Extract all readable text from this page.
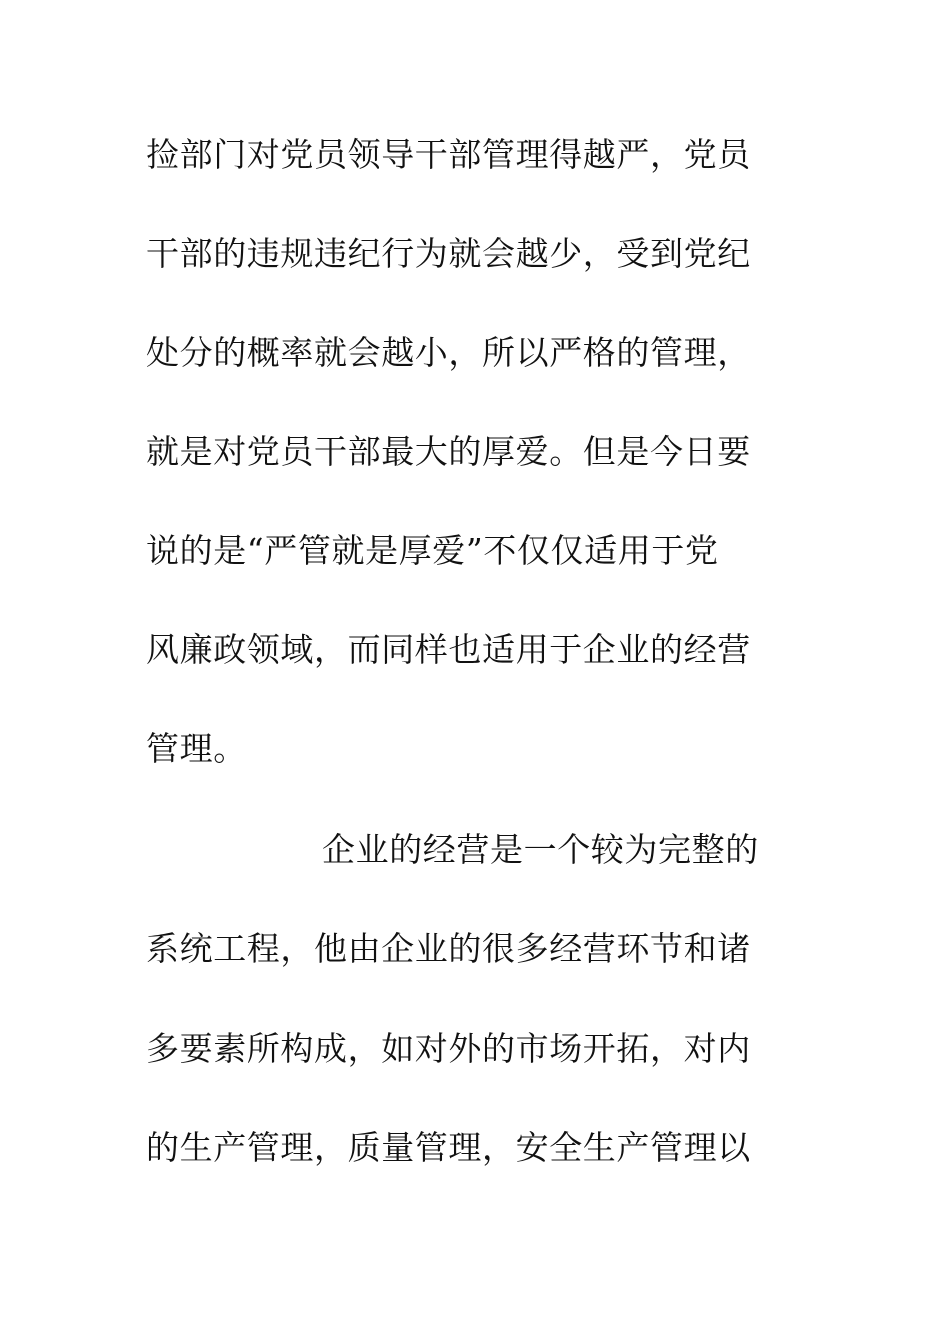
捡部门对党员领导干部管理得越严，党员
干部的违规违纪行为就会越少，受到党纪
处分的概率就会越小，所以严格的管理，
就是对党员干部最大的厚爱。但是今日要
说的是“严管就是厚爱”不仅仅适用于党
风廉政领域，而同样也适用于企业的经营
管理。
企业的经营是一个较为完整的
系统工程，他由企业的很多经营环节和诸
多要素所构成，如对外的市场开拓，对内
的生产管理，质量管理，安全生产管理以
